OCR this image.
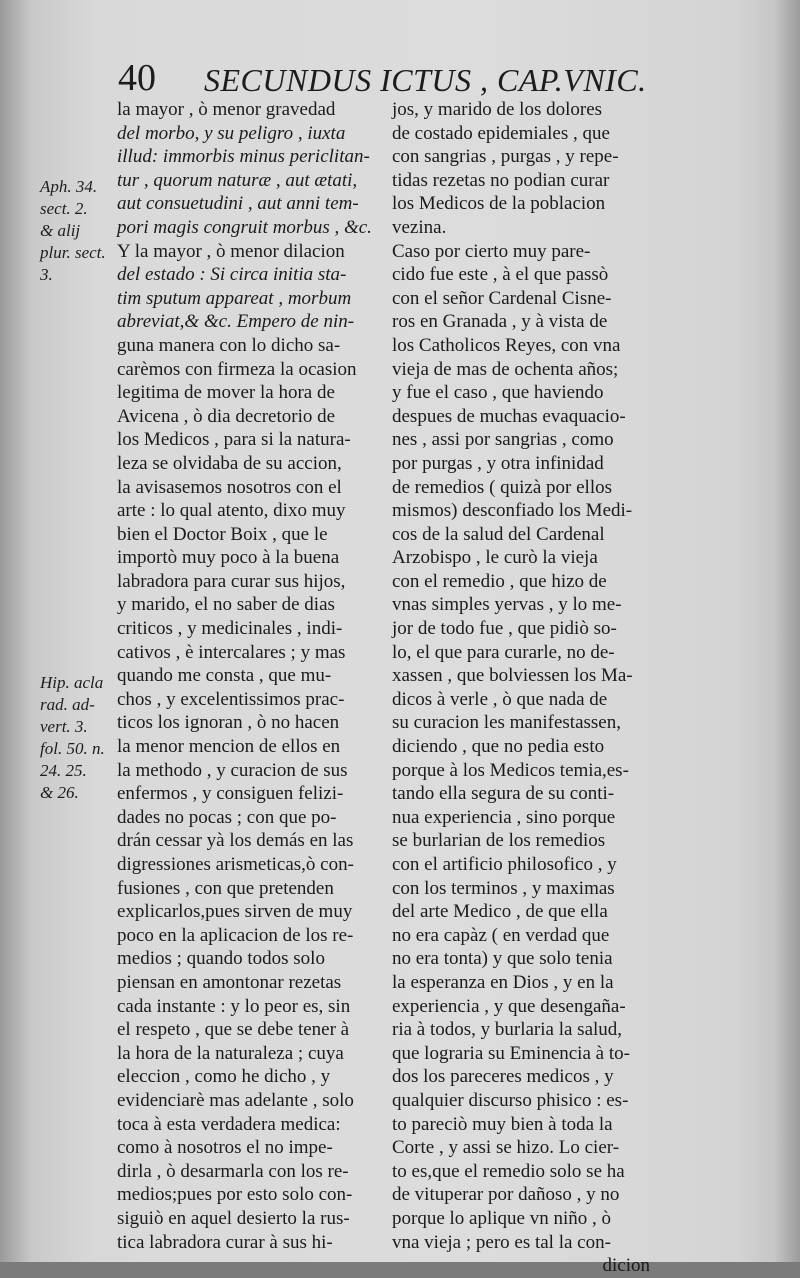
40 SECUNDUS ICTUS , CAP.VNIC.
Aph. 34.
sect. 2.
& alij
plur. sect.
3.
Hip. acla
rad. ad-
vert. 3.
fol. 50. n.
24. 25.
& 26.
la mayor , ò menor gravedad
del morbo, y su peligro , iuxta
illud: immorbis minus periclitan-
tur , quorum naturæ , aut ætati,
aut consuetudini , aut anni tem-
pori magis congruit morbus , &c.
Y la mayor , ò menor dilacion
del estado : Si circa initia sta-
tim sputum appareat , morbum
abreviat,& &c. Empero de nin-
guna manera con lo dicho sa-
carèmos con firmeza la ocasion
legitima de mover la hora de
Avicena , ò dia decretorio de
los Medicos , para si la natura-
leza se olvidaba de su accion,
la avisasemos nosotros con el
arte : lo qual atento, dixo muy
bien el Doctor Boix , que le
importò muy poco à la buena
labradora para curar sus hijos,
y marido, el no saber de dias
criticos , y medicinales , indi-
cativos , è intercalares ; y mas
quando me consta , que mu-
chos , y excelentissimos prac-
ticos los ignoran , ò no hacen
la menor mencion de ellos en
la methodo , y curacion de sus
enfermos , y consiguen felizi-
dades no pocas ; con que po-
drán cessar yà los demás en las
digressiones arismeticas,ò con-
fusiones , con que pretenden
explicarlos,pues sirven de muy
poco en la aplicacion de los re-
medios ; quando todos solo
piensan en amontonar rezetas
cada instante : y lo peor es, sin
el respeto , que se debe tener à
la hora de la naturaleza ; cuya
eleccion , como he dicho , y
evidenciarè mas adelante , solo
toca à esta verdadera medica:
como à nosotros el no impe-
dirla , ò desarmarla con los re-
medios;pues por esto solo con-
siguiò en aquel desierto la rus-
tica labradora curar à sus hi-
jos, y marido de los dolores
de costado epidemiales , que
con sangrias , purgas , y repe-
tidas rezetas no podian curar
los Medicos de la poblacion
vezina.
Caso por cierto muy pare-
cido fue este , à el que passò
con el señor Cardenal Cisne-
ros en Granada , y à vista de
los Catholicos Reyes, con vna
vieja de mas de ochenta años;
y fue el caso , que haviendo
despues de muchas evaquacio-
nes , assi por sangrias , como
por purgas , y otra infinidad
de remedios ( quizà por ellos
mismos) desconfiado los Medi-
cos de la salud del Cardenal
Arzobispo , le curò la vieja
con el remedio , que hizo de
vnas simples yervas , y lo me-
jor de todo fue , que pidiò so-
lo, el que para curarle, no de-
xassen , que bolviessen los Ma-
dicos à verle , ò que nada de
su curacion les manifestassen,
diciendo , que no pedia esto
porque à los Medicos temia,es-
tando ella segura de su conti-
nua experiencia , sino porque
se burlarian de los remedios
con el artificio philosofico , y
con los terminos , y maximas
del arte Medico , de que ella
no era capàz ( en verdad que
no era tonta) y que solo tenia
la esperanza en Dios , y en la
experiencia , y que desengaña-
ria à todos, y burlaria la salud,
que lograria su Eminencia à to-
dos los pareceres medicos , y
qualquier discurso phisico : es-
to pareciò muy bien à toda la
Corte , y assi se hizo. Lo cier-
to es,que el remedio solo se ha
de vituperar por dañoso , y no
porque lo aplique vn niño , ò
vna vieja ; pero es tal la con-
dicion
